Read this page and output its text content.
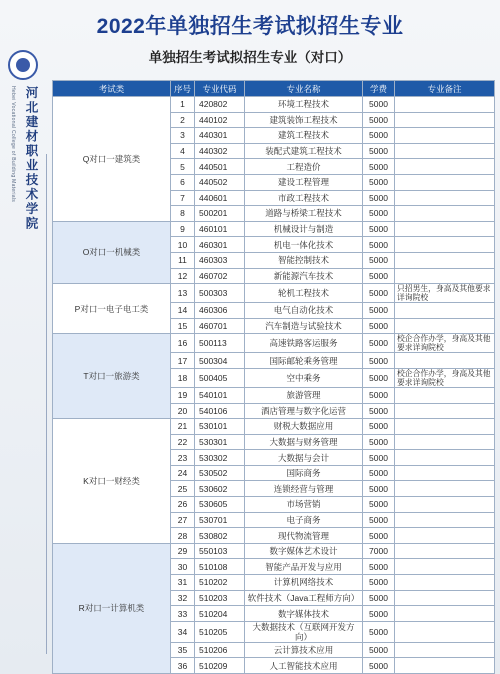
2022年单独招生考试拟招生专业
Hebei Vocational College of Building Materials 河北建材职业技术学院
单独招生考试拟招生专业（对口）
考试类	序号	专业代码	专业名称	学费	专业备注
Q对口一建筑类	1	420802	环境工程技术	5000	
	2	440102	建筑装饰工程技术	5000	
	3	440301	建筑工程技术	5000	
	4	440302	装配式建筑工程技术	5000	
	5	440501	工程造价	5000	
	6	440502	建设工程管理	5000	
	7	440601	市政工程技术	5000	
	8	500201	道路与桥梁工程技术	5000	
O对口一机械类	9	460101	机械设计与制造	5000	
	10	460301	机电一体化技术	5000	
	11	460303	智能控制技术	5000	
	12	460702	新能源汽车技术	5000	
P对口一电子电工类	13	500303	轮机工程技术	5000	只招男生，身高及其他要求详询院校
	14	460306	电气自动化技术	5000	
	15	460701	汽车制造与试验技术	5000	
T对口一旅游类	16	500113	高速铁路客运服务	5000	校企合作办学，身高及其他要求详询院校
	17	500304	国际邮轮乘务管理	5000	
	18	500405	空中乘务	5000	校企合作办学，身高及其他要求详询院校
	19	540101	旅游管理	5000	
	20	540106	酒店管理与数字化运营	5000	
K对口一财经类	21	530101	财税大数据应用	5000	
	22	530301	大数据与财务管理	5000	
	23	530302	大数据与会计	5000	
	24	530502	国际商务	5000	
	25	530602	连锁经营与管理	5000	
	26	530605	市场营销	5000	
	27	530701	电子商务	5000	
	28	530802	现代物流管理	5000	
R对口一计算机类	29	550103	数字媒体艺术设计	7000	
	30	510108	智能产品开发与应用	5000	
	31	510202	计算机网络技术	5000	
	32	510203	软件技术（Java工程师方向）	5000	
	33	510204	数字媒体技术	5000	
	34	510205	大数据技术（互联网开发方向）	5000	
	35	510206	云计算技术应用	5000	
	36	510209	人工智能技术应用	5000	
